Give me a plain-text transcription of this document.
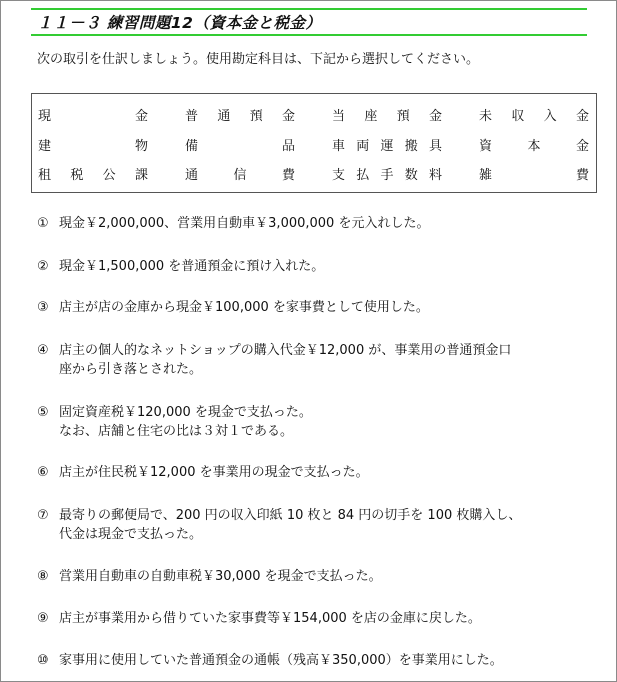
１１－３ 練習問題12（資本金と税金）
次の取引を仕訳しましょう。使用勘定科目は、下記から選択してください。
現金	普通預金	当座預金	未収入金
建物	備品	車両運搬具	資本金
租税公課	通信費	支払手数料	雑費
① 現金￥2,000,000、営業用自動車￥3,000,000 を元入れした。
② 現金￥1,500,000 を普通預金に預け入れた。
③ 店主が店の金庫から現金￥100,000 を家事費として使用した。
④ 店主の個人的なネットショップの購入代金￥12,000 が、事業用の普通預金口
座から引き落とされた。
⑤ 固定資産税￥120,000 を現金で支払った。
なお、店舗と住宅の比は３対１である。
⑥ 店主が住民税￥12,000 を事業用の現金で支払った。
⑦ 最寄りの郵便局で、200 円の収入印紙 10 枚と 84 円の切手を 100 枚購入し、
代金は現金で支払った。
⑧ 営業用自動車の自動車税￥30,000 を現金で支払った。
⑨ 店主が事業用から借りていた家事費等￥154,000 を店の金庫に戻した。
⑩ 家事用に使用していた普通預金の通帳（残高￥350,000）を事業用にした。
